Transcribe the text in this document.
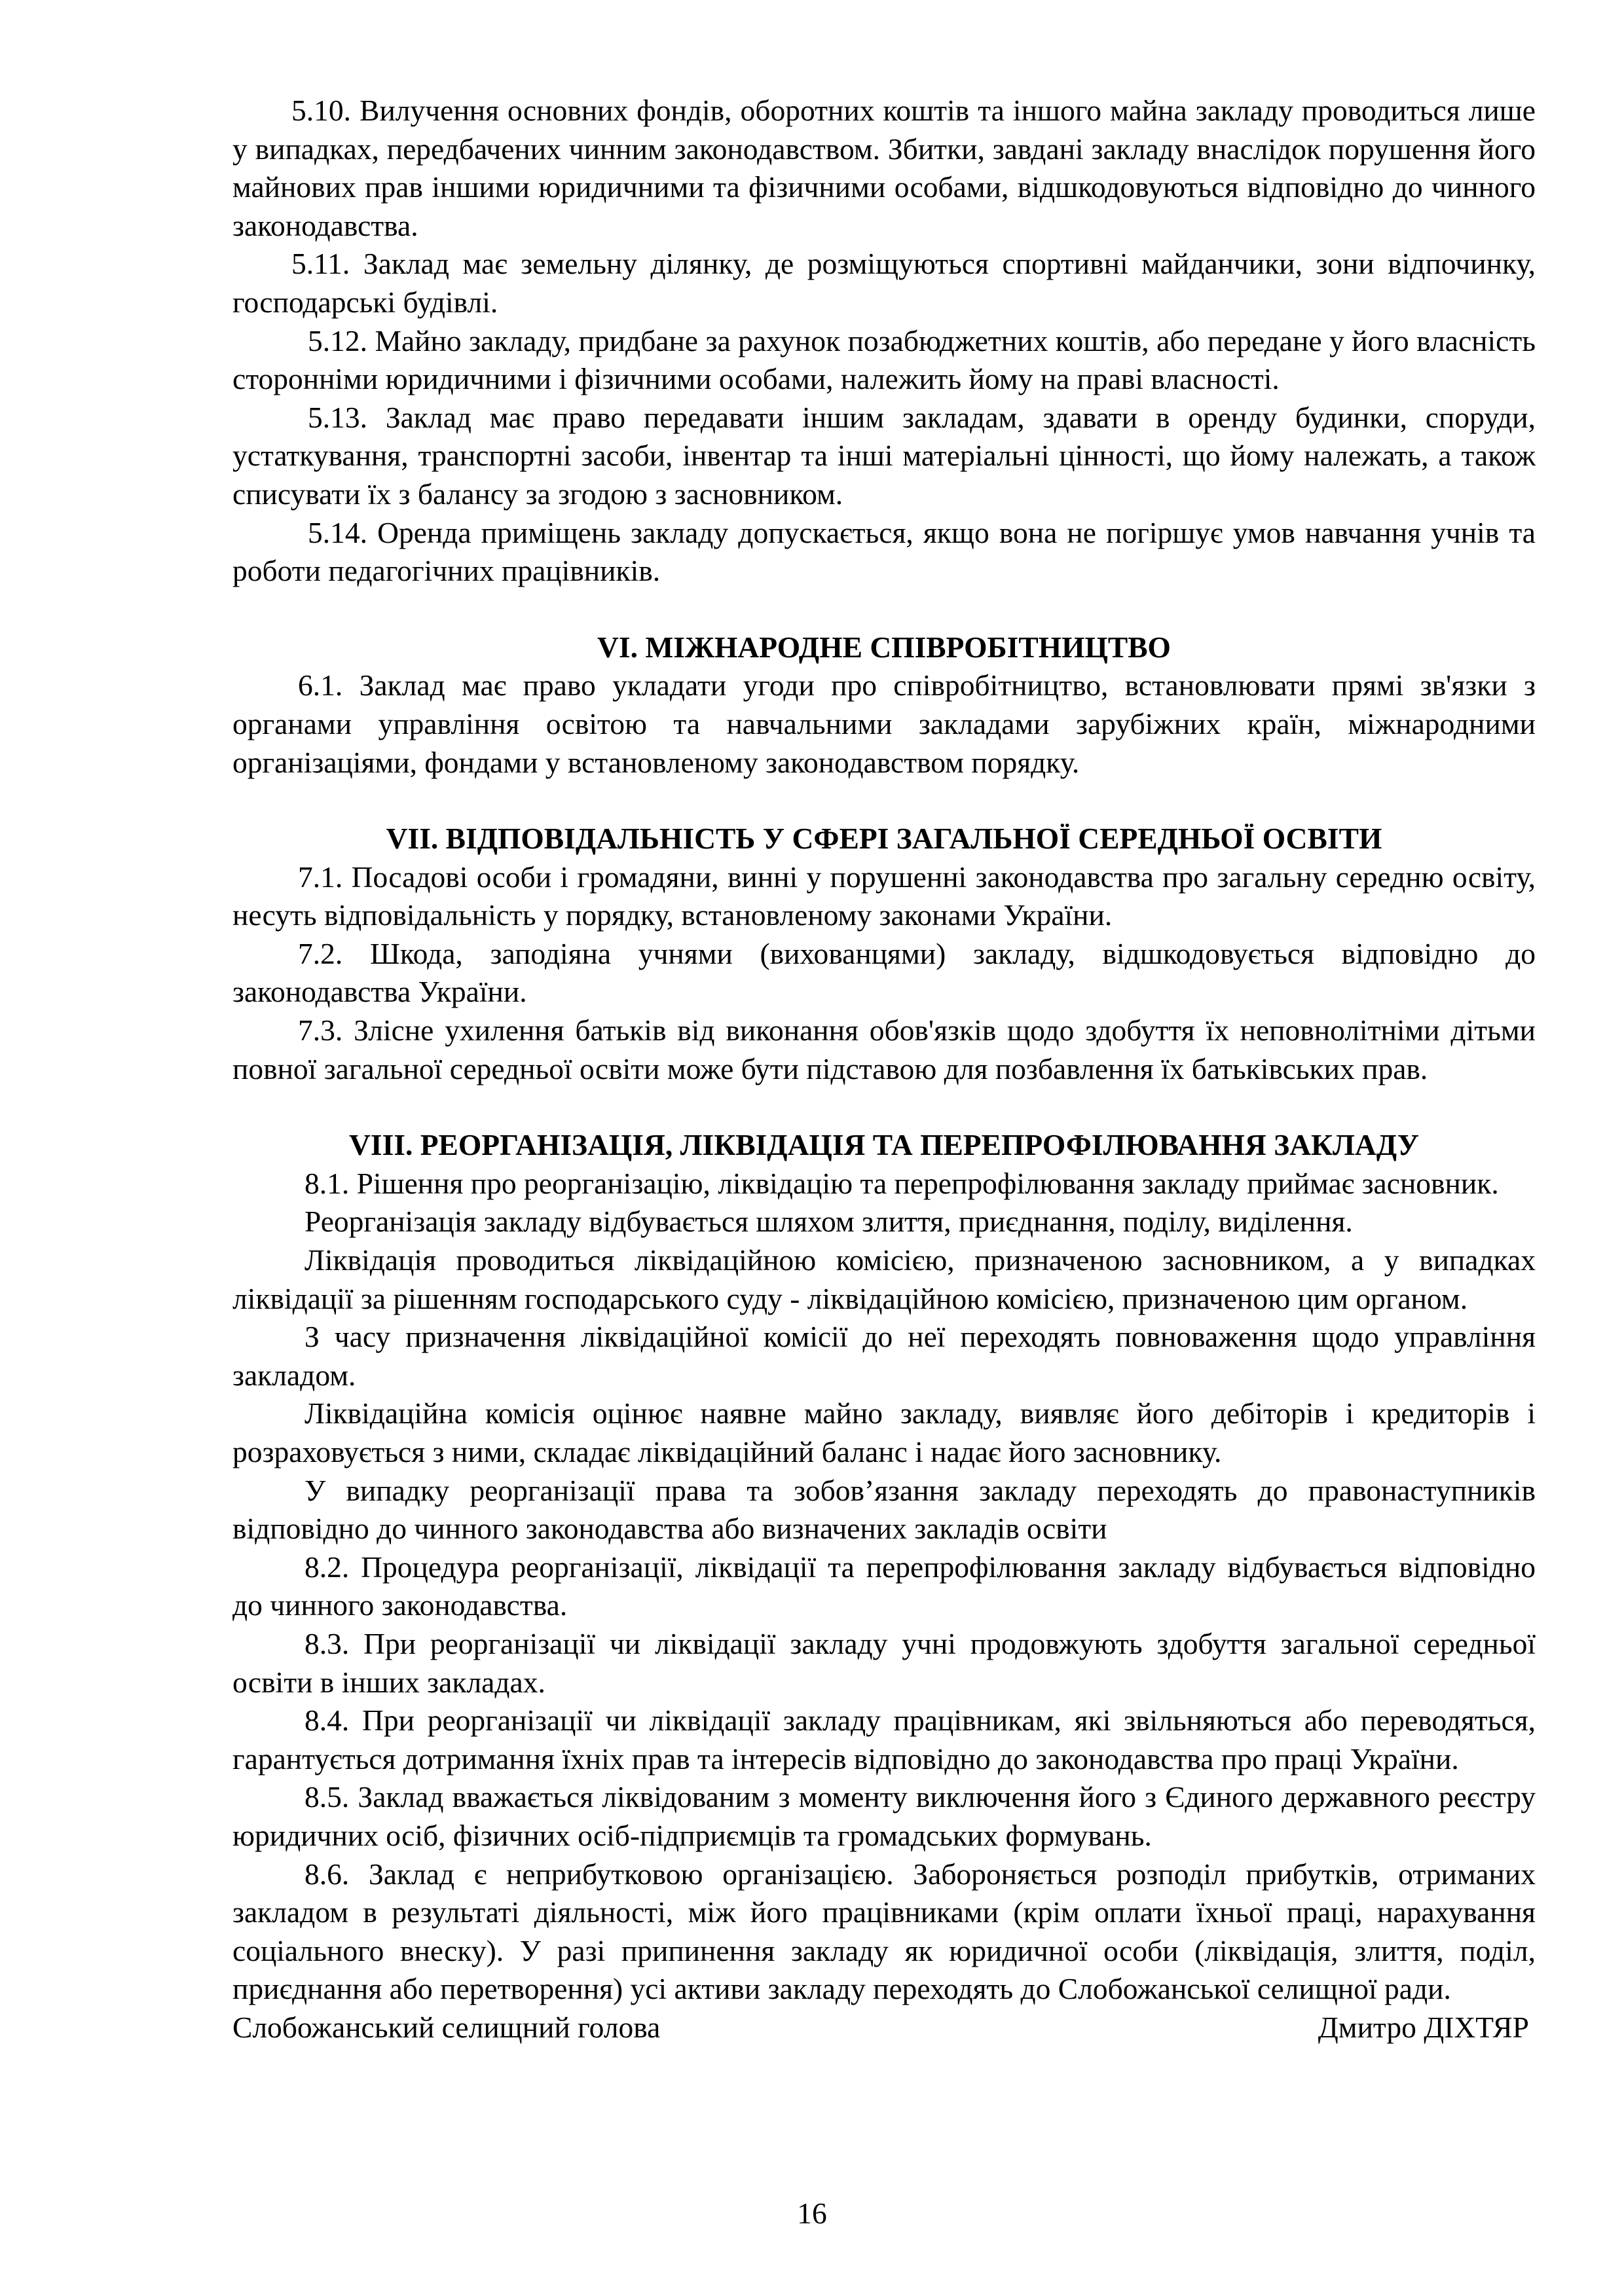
5.10. Вилучення основних фондів, оборотних коштів та іншого майна закладу проводиться лише у випадках, передбачених чинним законодавством. Збитки, завдані закладу внаслідок порушення його майнових прав іншими юридичними та фізичними особами, відшкодовуються відповідно до чинного законодавства.

5.11. Заклад має земельну ділянку, де розміщуються спортивні майданчики, зони відпочинку, господарські будівлі.

5.12. Майно закладу, придбане за рахунок позабюджетних коштів, або передане у його власність сторонніми юридичними і фізичними особами, належить йому на праві власності.

5.13. Заклад має право передавати іншим закладам, здавати в оренду будинки, споруди, устаткування, транспортні засоби, інвентар та інші матеріальні цінності, що йому належать, а також списувати їх з балансу за згодою з засновником.

5.14. Оренда приміщень закладу допускається, якщо вона не погіршує умов навчання учнів та роботи педагогічних працівників.

VI. МІЖНАРОДНЕ СПІВРОБІТНИЦТВО

6.1. Заклад має право укладати угоди про співробітництво, встановлювати прямі зв'язки з органами управління освітою та навчальними закладами зарубіжних країн, міжнародними організаціями, фондами у встановленому законодавством порядку.

VII. ВІДПОВІДАЛЬНІСТЬ У СФЕРІ ЗАГАЛЬНОЇ СЕРЕДНЬОЇ ОСВІТИ

7.1. Посадові особи і громадяни, винні у порушенні законодавства про загальну середню освіту, несуть відповідальність у порядку, встановленому законами України.

7.2. Шкода, заподіяна учнями (вихованцями) закладу, відшкодовується відповідно до законодавства України.

7.3. Злісне ухилення батьків від виконання обов'язків щодо здобуття їх неповнолітніми дітьми повної загальної середньої освіти може бути підставою для позбавлення їх батьківських прав.

VIII. РЕОРГАНІЗАЦІЯ, ЛІКВІДАЦІЯ ТА ПЕРЕПРОФІЛЮВАННЯ ЗАКЛАДУ

8.1. Рішення про реорганізацію, ліквідацію та перепрофілювання закладу приймає засновник.

Реорганізація закладу відбувається шляхом злиття, приєднання, поділу, виділення.

Ліквідація проводиться ліквідаційною комісією, призначеною засновником, а у випадках ліквідації за рішенням господарського суду - ліквідаційною комісією, призначеною цим органом.

З часу призначення ліквідаційної комісії до неї переходять повноваження щодо управління закладом.

Ліквідаційна комісія оцінює наявне майно закладу, виявляє його дебіторів і кредиторів і розраховується з ними, складає ліквідаційний баланс і надає його засновнику.

У випадку реорганізації права та зобов’язання закладу переходять до правонаступників відповідно до чинного законодавства або визначених закладів освіти

8.2. Процедура реорганізації, ліквідації та перепрофілювання закладу відбувається відповідно до чинного законодавства.

8.3. При реорганізації чи ліквідації закладу учні продовжують здобуття загальної середньої освіти в інших закладах.

8.4. При реорганізації чи ліквідації закладу працівникам, які звільняються або переводяться, гарантується дотримання їхніх прав та інтересів відповідно до законодавства про праці України.

8.5. Заклад вважається ліквідованим з моменту виключення його з Єдиного державного реєстру юридичних осіб, фізичних осіб-підприємців та громадських формувань.

8.6. Заклад є неприбутковою організацією. Забороняється розподіл прибутків, отриманих закладом в результаті діяльності, між його працівниками (крім оплати їхньої праці, нарахування соціального внеску). У разі припинення закладу як юридичної особи (ліквідація, злиття, поділ, приєднання або перетворення) усі активи закладу переходять до Слобожанської селищної ради.

Слобожанський селищний голова	Дмитро ДІХТЯР
16
